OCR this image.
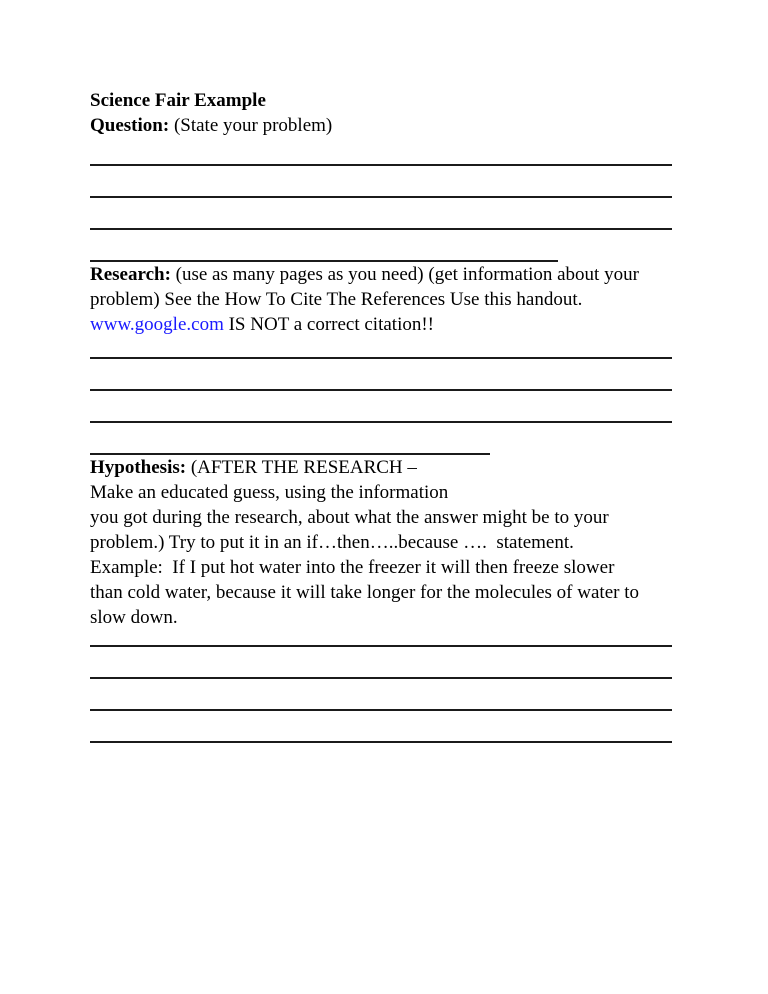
Science Fair Example
Question: (State your problem)
Research: (use as many pages as you need) (get information about your
problem) See the How To Cite The References Use this handout.
www.google.com IS NOT a correct citation!!
Hypothesis: (AFTER THE RESEARCH –
Make an educated guess, using the information
you got during the research, about what the answer might be to your
problem.) Try to put it in an if…then…..because ….  statement.
Example:  If I put hot water into the freezer it will then freeze slower
than cold water, because it will take longer for the molecules of water to
slow down.
